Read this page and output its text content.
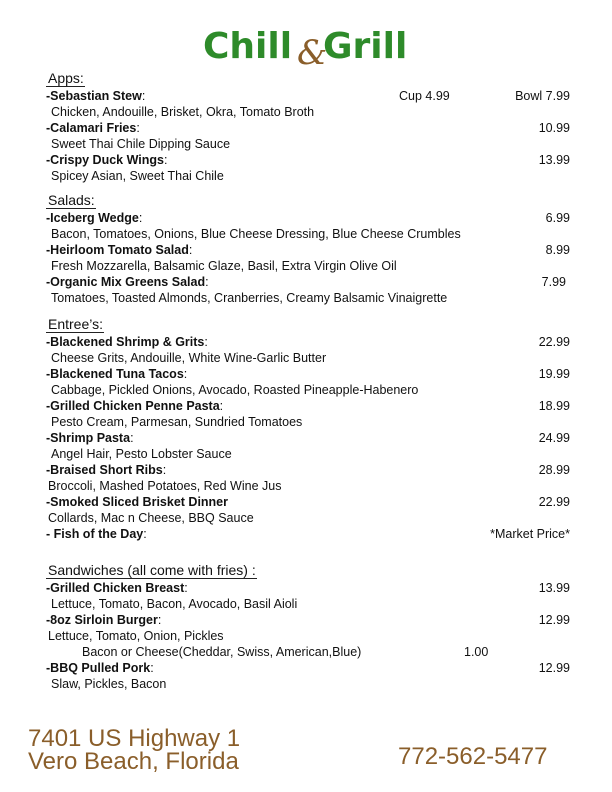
Chill &
Grill
Apps:
-Sebastian Stew:	Cup 4.99	Bowl 7.99
Chicken, Andouille, Brisket, Okra, Tomato Broth
-Calamari Fries:	10.99
Sweet Thai Chile Dipping Sauce
-Crispy Duck Wings:	13.99
Spicey Asian, Sweet Thai Chile
Salads:
-Iceberg Wedge:	6.99
Bacon, Tomatoes, Onions, Blue Cheese Dressing, Blue Cheese Crumbles
-Heirloom Tomato Salad:	8.99
Fresh Mozzarella, Balsamic Glaze, Basil, Extra Virgin Olive Oil
-Organic Mix Greens Salad:	7.99
Tomatoes, Toasted Almonds, Cranberries, Creamy Balsamic Vinaigrette
Entree’s:
-Blackened Shrimp & Grits:	22.99
Cheese Grits, Andouille, White Wine-Garlic Butter
-Blackened Tuna Tacos:	19.99
Cabbage, Pickled Onions, Avocado, Roasted Pineapple-Habenero
-Grilled Chicken Penne Pasta:	18.99
Pesto Cream, Parmesan, Sundried Tomatoes
-Shrimp Pasta:	24.99
Angel Hair, Pesto Lobster Sauce
-Braised Short Ribs:	28.99
Broccoli, Mashed Potatoes, Red Wine Jus
-Smoked Sliced Brisket Dinner	22.99
Collards, Mac n Cheese, BBQ Sauce
- Fish of the Day:	*Market Price*
Sandwiches (all come with fries) :
-Grilled Chicken Breast:	13.99
Lettuce, Tomato, Bacon, Avocado, Basil Aioli
-8oz Sirloin Burger:	12.99
Lettuce, Tomato, Onion, Pickles
Bacon or Cheese(Cheddar, Swiss, American,Blue)	1.00
-BBQ Pulled Pork:	12.99
Slaw, Pickles, Bacon
7401 US Highway 1
Vero Beach, Florida	772-562-5477
